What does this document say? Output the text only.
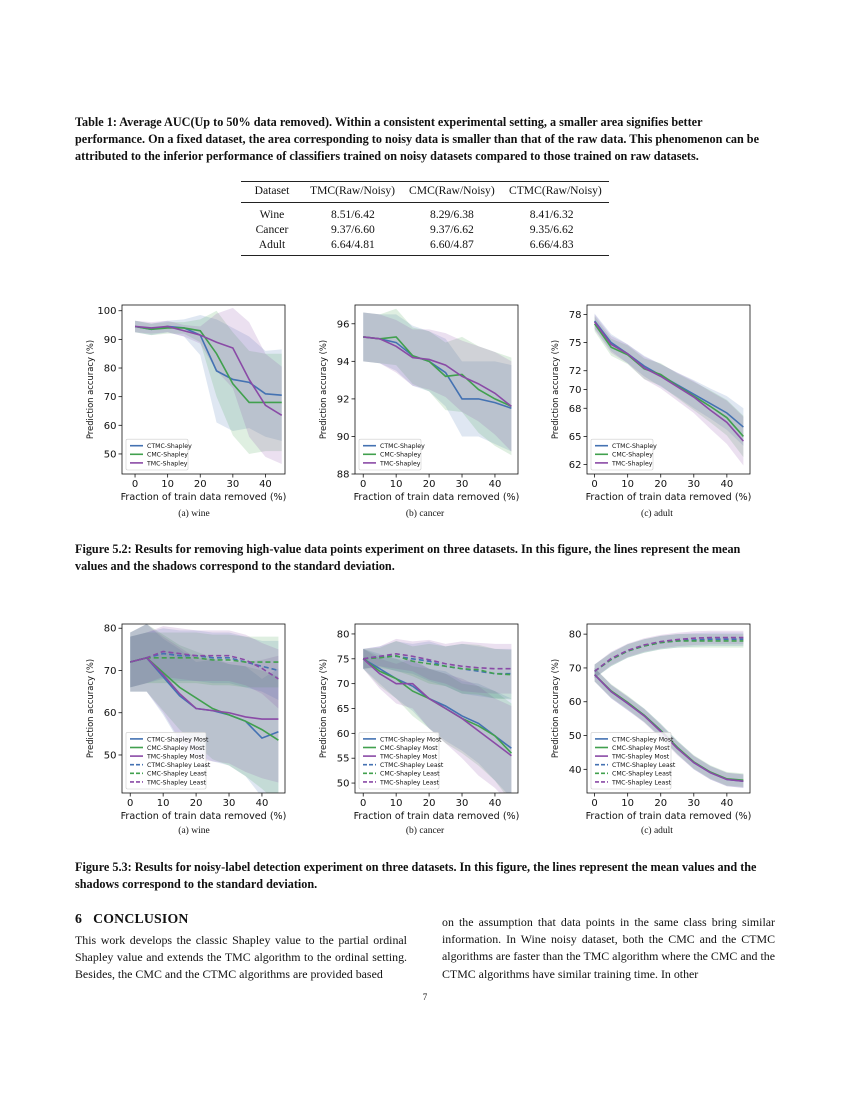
Table 1: Average AUC(Up to 50% data removed). Within a consistent experimental setting, a smaller area signifies better performance. On a fixed dataset, the area corresponding to noisy data is smaller than that of the raw data. This phenomenon can be attributed to the inferior performance of classifiers trained on noisy datasets compared to those trained on raw datasets.
Dataset	TMC(Raw/Noisy)	CMC(Raw/Noisy)	CTMC(Raw/Noisy)
Wine	8.51/6.42	8.29/6.38	8.41/6.32
Cancer	9.37/6.60	9.37/6.62	9.35/6.62
Adult	6.64/4.81	6.60/4.87	6.66/4.83
0 10 20 30 40
50
60
70
80
90
100
Fraction of train data removed (%)
Prediction accuracy (%)
CTMC-Shapley
CMC-Shapley
TMC-Shapley
0 10 20 30 40
88
90
92
94
96
Fraction of train data removed (%)
Prediction accuracy (%)
CTMC-Shapley
CMC-Shapley
TMC-Shapley
0 10 20 30 40
62
65
68
70
72
75
78
Fraction of train data removed (%)
Prediction accuracy (%)
CTMC-Shapley
CMC-Shapley
TMC-Shapley
(a) wine	(b) cancer	(c) adult
Figure 5.2: Results for removing high-value data points experiment on three datasets. In this figure, the lines represent the mean values and the shadows correspond to the standard deviation.
0 10 20 30 40
50
60
70
80
Fraction of train data removed (%)
Prediction accuracy (%)	CTMC-Shapley Most
CMC-Shapley Most
TMC-Shapley Most
CTMC-Shapley Least
CMC-Shapley Least
TMC-Shapley Least
0 10 20 30 40
50
55
60
65
70
75
80
Fraction of train data removed (%)
Prediction accuracy (%)	CTMC-Shapley Most
CMC-Shapley Most
TMC-Shapley Most
CTMC-Shapley Least
CMC-Shapley Least
TMC-Shapley Least
0 10 20 30 40
40
50
60
70
80
Fraction of train data removed (%)
Prediction accuracy (%)	CTMC-Shapley Most
CMC-Shapley Most
TMC-Shapley Most
CTMC-Shapley Least
CMC-Shapley Least
TMC-Shapley Least
(a) wine	(b) cancer	(c) adult
Figure 5.3: Results for noisy-label detection experiment on three datasets. In this figure, the lines represent the mean values and the shadows correspond to the standard deviation.
6 CONCLUSION
This work develops the classic Shapley value to the partial ordinal Shapley value and extends the TMC algorithm to the ordinal setting. Besides, the CMC and the CTMC algorithms are provided based
on the assumption that data points in the same class bring similar information. In Wine noisy dataset, both the CMC and the CTMC algorithms are faster than the TMC algorithm where the CMC and the CTMC algorithms have similar training time. In other
7
